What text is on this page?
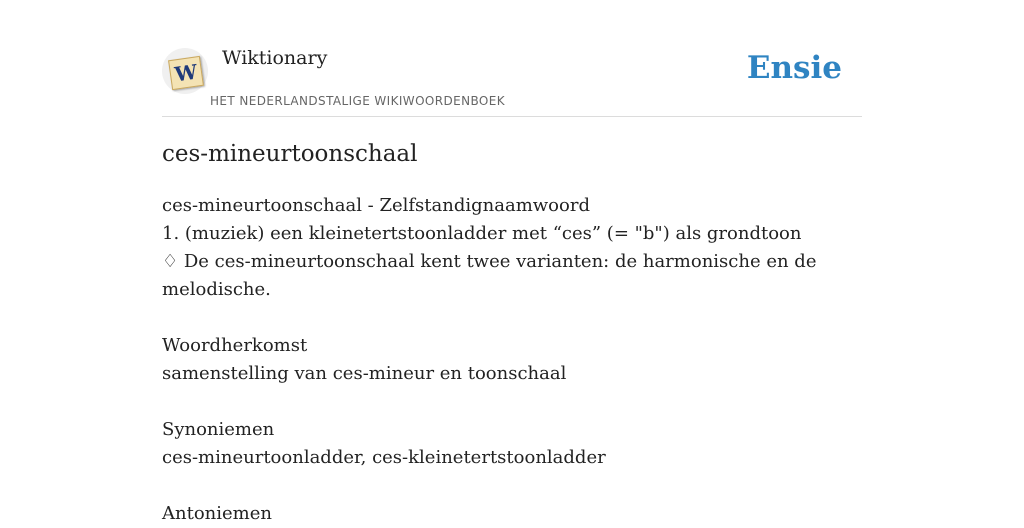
W
Wiktionary
HET NEDERLANDSTALIGE WIKIWOORDENBOEK
Ensie
ces-mineurtoonschaal
ces-mineurtoonschaal - Zelfstandignaamwoord
1. (muziek) een kleinetertstoonladder met “ces” (= "b") als grondtoon
♢ De ces-mineurtoonschaal kent twee varianten: de harmonische en de melodische.
Woordherkomst
samenstelling van ces-mineur en toonschaal
Synoniemen
ces-mineurtoonladder, ces-kleinetertstoonladder
Antoniemen
